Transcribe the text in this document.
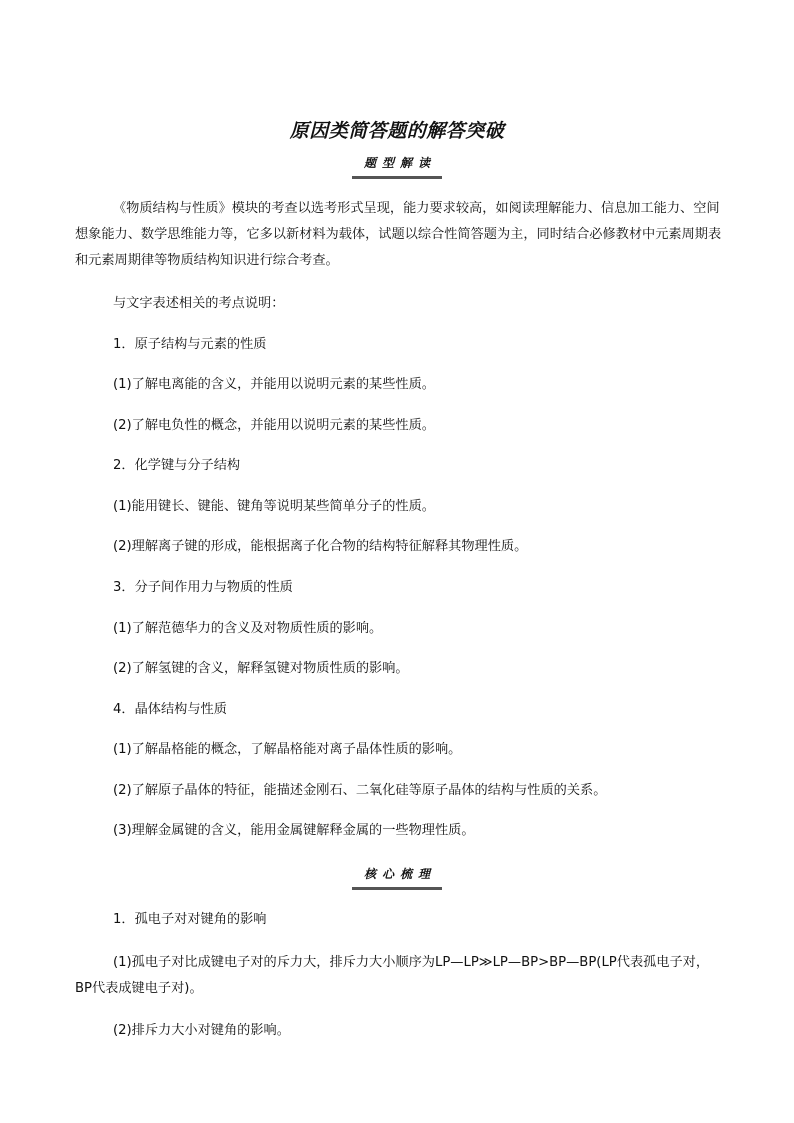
原因类简答题的解答突破
题型解读

《物质结构与性质》模块的考查以选考形式呈现，能力要求较高，如阅读理解能力、信息加工能力、空间想象能力、数学思维能力等，它多以新材料为载体，试题以综合性简答题为主，同时结合必修教材中元素周期表和元素周期律等物质结构知识进行综合考查。

与文字表述相关的考点说明：
1．原子结构与元素的性质
(1)了解电离能的含义，并能用以说明元素的某些性质。
(2)了解电负性的概念，并能用以说明元素的某些性质。
2．化学键与分子结构
(1)能用键长、键能、键角等说明某些简单分子的性质。
(2)理解离子键的形成，能根据离子化合物的结构特征解释其物理性质。
3．分子间作用力与物质的性质
(1)了解范德华力的含义及对物质性质的影响。
(2)了解氢键的含义，解释氢键对物质性质的影响。
4．晶体结构与性质
(1)了解晶格能的概念，了解晶格能对离子晶体性质的影响。
(2)了解原子晶体的特征，能描述金刚石、二氧化硅等原子晶体的结构与性质的关系。
(3)理解金属键的含义，能用金属键解释金属的一些物理性质。
核心梳理
1．孤电子对对键角的影响

(1)孤电子对比成键电子对的斥力大，排斥力大小顺序为LP—LP≫LP—BP>BP—BP(LP代表孤电子对，BP代表成键电子对)。

(2)排斥力大小对键角的影响。
